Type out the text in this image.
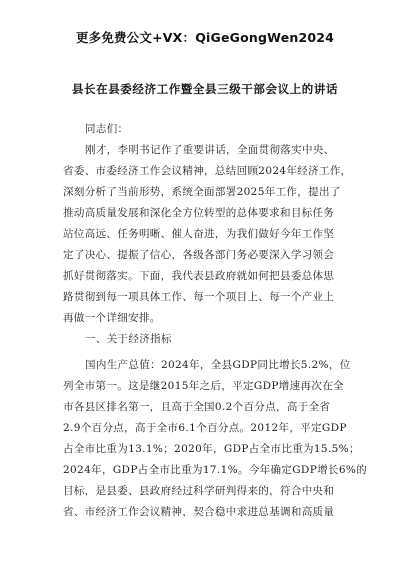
更多免费公文+VX：QiGeGongWen2024
县长在县委经济工作暨全县三级干部会议上的讲话
同志们：
刚才，李明书记作了重要讲话，全面贯彻落实中央、
省委、市委经济工作会议精神，总结回顾2024年经济工作，
深刻分析了当前形势，系统全面部署2025年工作，提出了
推动高质量发展和深化全方位转型的总体要求和目标任务
站位高远、任务明晰、催人奋进，为我们做好今年工作坚
定了决心、提振了信心，各级各部门务必要深入学习领会
抓好贯彻落实。下面，我代表县政府就如何把县委总体思
路贯彻到每一项具体工作、每一个项目上、每一个产业上
再做一个详细安排。
一、关于经济指标
国内生产总值：2024年，全县GDP同比增长5.2%，位
列全市第一。这是继2015年之后，平定GDP增速再次在全
市各县区排名第一，且高于全国0.2个百分点，高于全省
2.9个百分点，高于全市6.1个百分点。2012年，平定GDP
占全市比重为13.1%；2020年，GDP占全市比重为15.5%；
2024年，GDP占全市比重为17.1%。今年确定GDP增长6%的
目标，是县委、县政府经过科学研判得来的，符合中央和
省、市经济工作会议精神，契合稳中求进总基调和高质量
